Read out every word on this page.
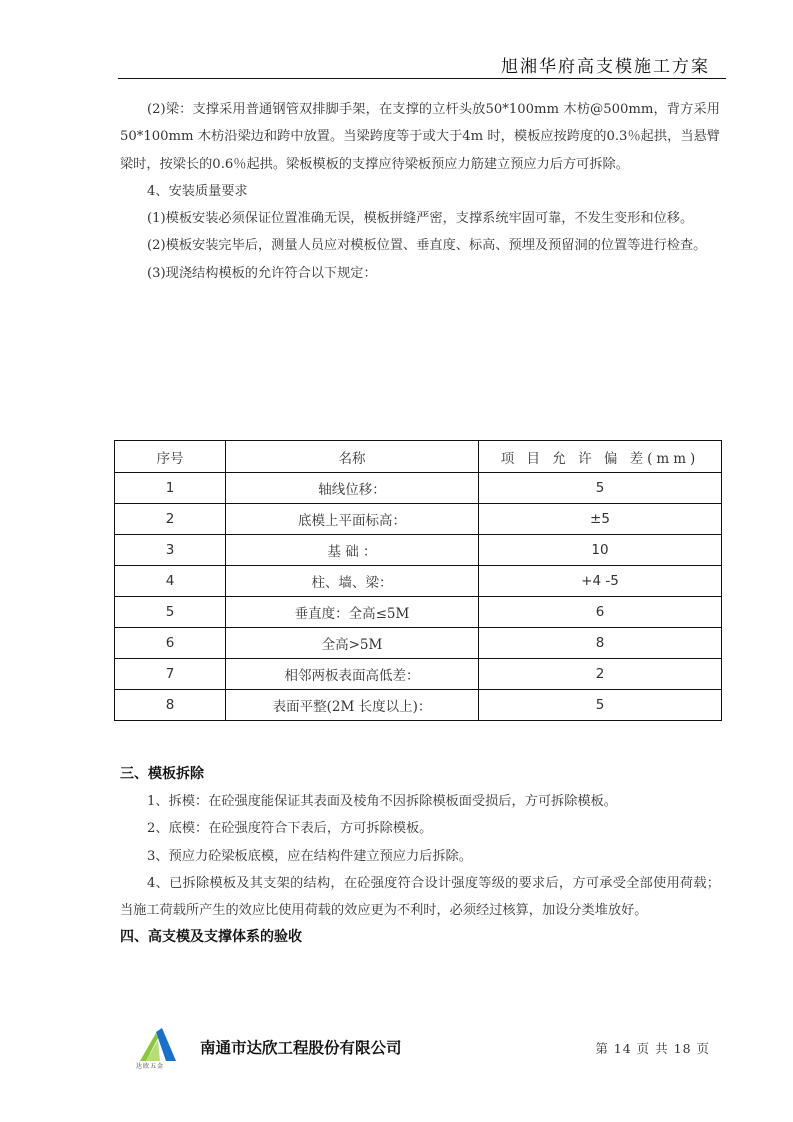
旭湘华府高支模施工方案

(2)梁：支撑采用普通钢管双排脚手架，在支撑的立杆头放50*100mm 木枋@500mm，背方采用50*100mm 木枋沿梁边和跨中放置。当梁跨度等于或大于4m 时，模板应按跨度的0.3％起拱，当悬臂梁时，按梁长的0.6％起拱。梁板模板的支撑应待梁板预应力筋建立预应力后方可拆除。

4、安装质量要求

(1)模板安装必须保证位置准确无误，模板拼缝严密，支撑系统牢固可靠，不发生变形和位移。

(2)模板安装完毕后，测量人员应对模板位置、垂直度、标高、预埋及预留洞的位置等进行检查。

(3)现浇结构模板的允许符合以下规定：

序号	名称	项 目 允 许 偏 差(mm)
1	轴线位移：	5
2	底模上平面标高：	±5
3	基 础 ：	10
4	柱、墙、梁：	+4 -5
5	垂直度：全高≤5M	6
6	全高>5M	8
7	相邻两板表面高低差：	2
8	表面平整(2M 长度以上)：	5

三、模板拆除

1、拆模：在砼强度能保证其表面及棱角不因拆除模板面受损后，方可拆除模板。

2、底模：在砼强度符合下表后，方可拆除模板。

3、预应力砼梁板底模，应在结构件建立预应力后拆除。

4、已拆除模板及其支架的结构，在砼强度符合设计强度等级的要求后，方可承受全部使用荷载；当施工荷载所产生的效应比使用荷载的效应更为不利时，必须经过核算，加设分类堆放好。

四、高支模及支撑体系的验收

达欣五金
南通市达欣工程股份有限公司	第 14 页 共 18 页
